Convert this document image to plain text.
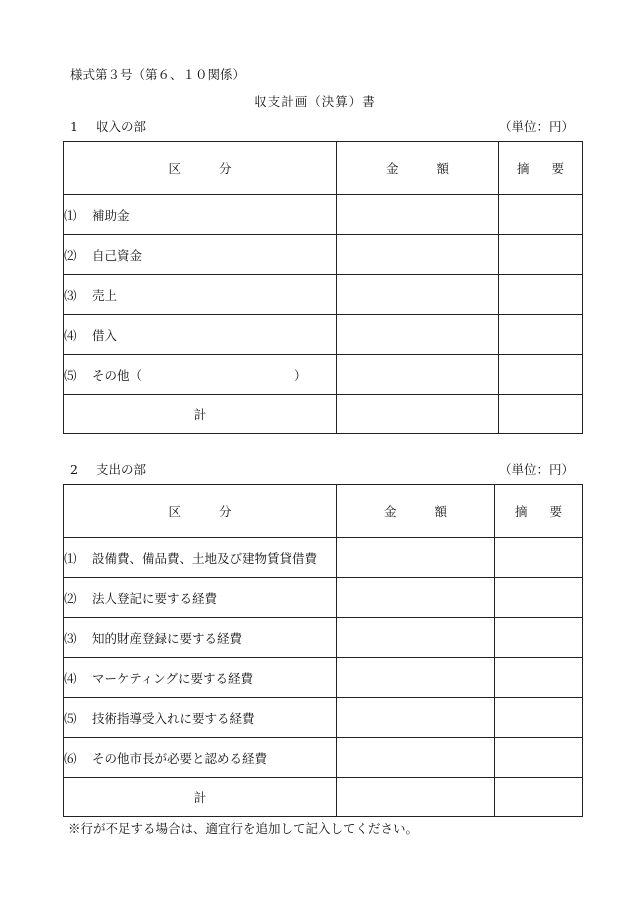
様式第３号（第６、１０関係）
収支計画（決算）書
1 収入の部	（単位：円）
区 分	金 額	摘 要
⑴ 補助金		
⑵ 自己資金		
⑶ 売上		
⑷ 借入		
⑸ その他（ ）		
計		
2 支出の部	（単位：円）
区 分	金 額	摘 要
⑴ 設備費、備品費、土地及び建物賃貸借費		
⑵ 法人登記に要する経費		
⑶ 知的財産登録に要する経費		
⑷ マーケティングに要する経費		
⑸ 技術指導受入れに要する経費		
⑹ その他市長が必要と認める経費		
計		
※行が不足する場合は、適宜行を追加して記入してください。
